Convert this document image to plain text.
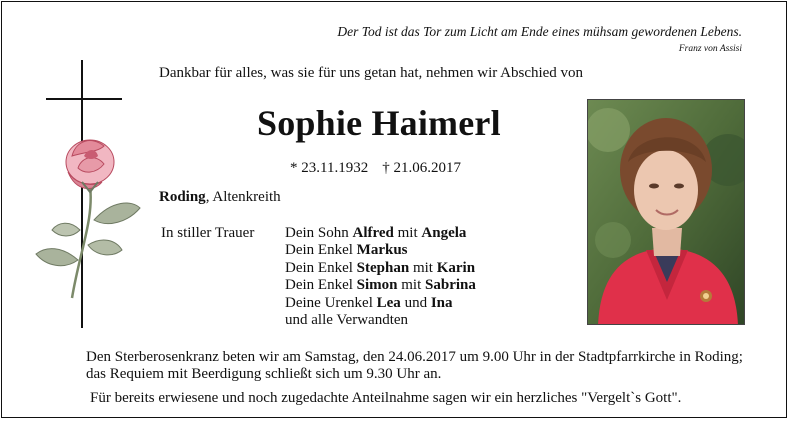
Der Tod ist das Tor zum Licht am Ende eines mühsam gewordenen Lebens.
Franz von Assisi
Dankbar für alles, was sie für uns getan hat, nehmen wir Abschied von
Sophie Haimerl
* 23.11.1932 † 21.06.2017
Roding, Altenkreith
In stiller Trauer Dein Sohn Alfred mit Angela
Dein Enkel Markus
Dein Enkel Stephan mit Karin
Dein Enkel Simon mit Sabrina
Deine Urenkel Lea und Ina
und alle Verwandten
Den Sterberosenkranz beten wir am Samstag, den 24.06.2017 um 9.00 Uhr in der Stadtpfarrkirche in Roding;
das Requiem mit Beerdigung schließt sich um 9.30 Uhr an.
Für bereits erwiesene und noch zugedachte Anteilnahme sagen wir ein herzliches "Vergelt`s Gott".
